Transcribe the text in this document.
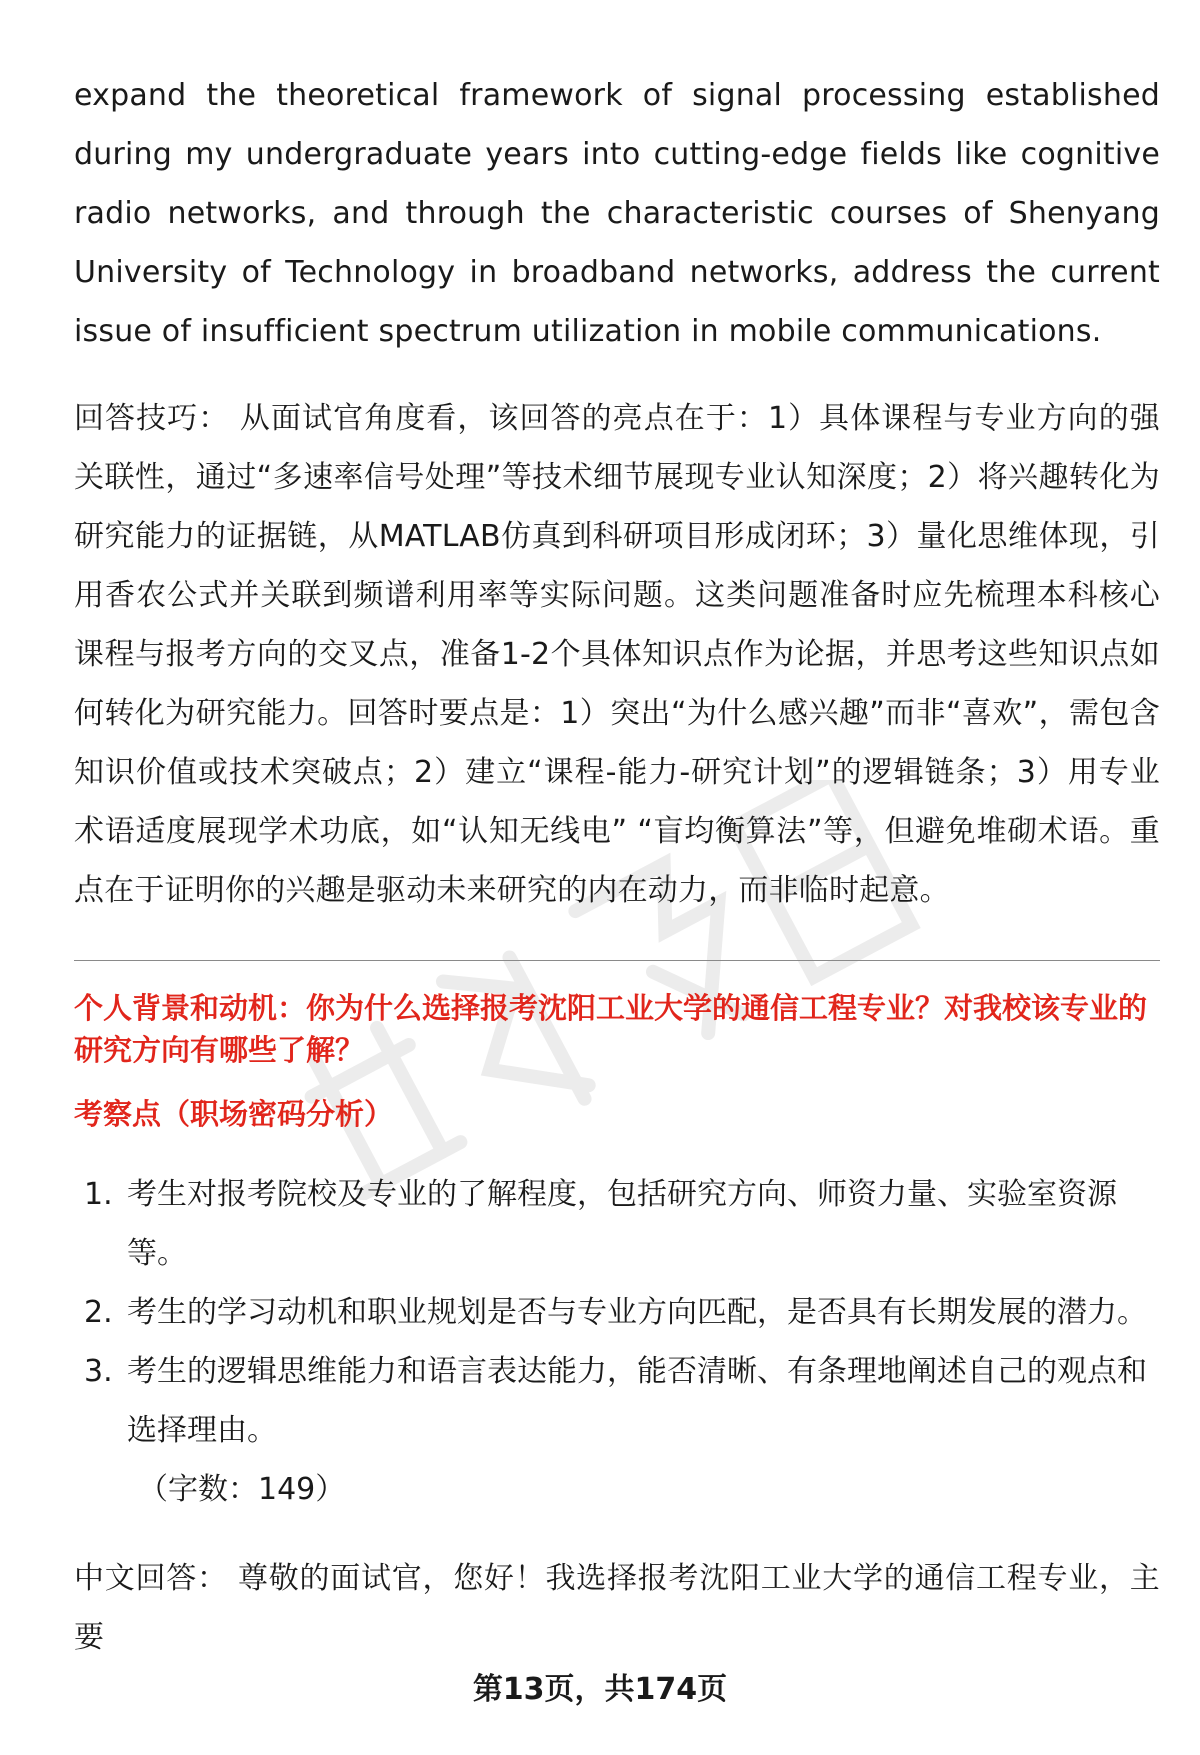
expand the theoretical framework of signal processing established during my undergraduate years into cutting-edge fields like cognitive radio networks, and through the characteristic courses of Shenyang University of Technology in broadband networks, address the current issue of insufficient spectrum utilization in mobile communications.

回答技巧： 从面试官角度看，该回答的亮点在于：1）具体课程与专业方向的强关联性，通过“多速率信号处理”等技术细节展现专业认知深度；2）将兴趣转化为研究能力的证据链，从MATLAB仿真到科研项目形成闭环；3）量化思维体现，引用香农公式并关联到频谱利用率等实际问题。这类问题准备时应先梳理本科核心课程与报考方向的交叉点，准备1-2个具体知识点作为论据，并思考这些知识点如何转化为研究能力。回答时要点是：1）突出“为什么感兴趣”而非“喜欢”，需包含知识价值或技术突破点；2）建立“课程-能力-研究计划”的逻辑链条；3）用专业术语适度展现学术功底，如“认知无线电” “盲均衡算法”等，但避免堆砌术语。重点在于证明你的兴趣是驱动未来研究的内在动力，而非临时起意。

个人背景和动机：你为什么选择报考沈阳工业大学的通信工程专业？对我校该专业的研究方向有哪些了解？
考察点（职场密码分析）
1. 考生对报考院校及专业的了解程度，包括研究方向、师资力量、实验室资源等。
2. 考生的学习动机和职业规划是否与专业方向匹配，是否具有长期发展的潜力。
3. 考生的逻辑思维能力和语言表达能力，能否清晰、有条理地阐述自己的观点和选择理由。
（字数：149）

中文回答： 尊敬的面试官，您好！我选择报考沈阳工业大学的通信工程专业，主要

第13页，共174页
